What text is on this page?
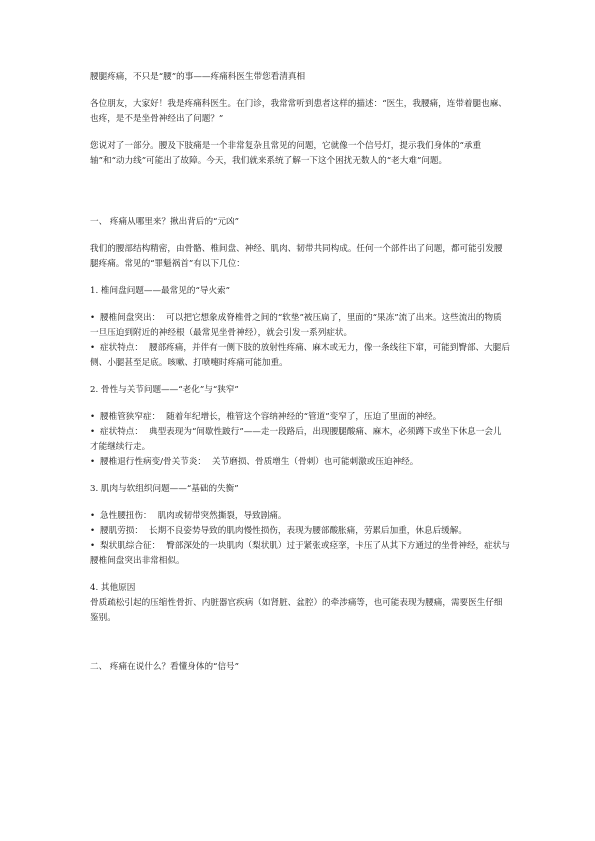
腰腿疼痛，不只是“腰”的事——疼痛科医生带您看清真相

各位朋友，大家好！我是疼痛科医生。在门诊，我常常听到患者这样的描述：“医生，我腰痛，连带着腿也麻、也疼，是不是坐骨神经出了问题？”

您说对了一部分。腰及下肢痛是一个非常复杂且常见的问题，它就像一个信号灯，提示我们身体的“承重轴”和“动力线”可能出了故障。今天，我们就来系统了解一下这个困扰无数人的“老大难”问题。

一、 疼痛从哪里来？揪出背后的“元凶”

我们的腰部结构精密，由骨骼、椎间盘、神经、肌肉、韧带共同构成。任何一个部件出了问题，都可能引发腰腿疼痛。常见的“罪魁祸首”有以下几位：

1. 椎间盘问题——最常见的“导火索”

• 腰椎间盘突出： 可以把它想象成脊椎骨之间的“软垫”被压扁了，里面的“果冻”流了出来。这些流出的物质一旦压迫到附近的神经根（最常见坐骨神经），就会引发一系列症状。

• 症状特点： 腰部疼痛，并伴有一侧下肢的放射性疼痛、麻木或无力，像一条线往下窜，可能到臀部、大腿后侧、小腿甚至足底。咳嗽、打喷嚏时疼痛可能加重。

2. 骨性与关节问题——“老化”与“狭窄”

• 腰椎管狭窄症： 随着年纪增长，椎管这个容纳神经的“管道”变窄了，压迫了里面的神经。

• 症状特点： 典型表现为“间歇性跛行”——走一段路后，出现腰腿酸痛、麻木，必须蹲下或坐下休息一会儿才能继续行走。

• 腰椎退行性病变/骨关节炎： 关节磨损、骨质增生（骨刺）也可能刺激或压迫神经。

3. 肌肉与软组织问题——“基础的失衡”

• 急性腰扭伤： 肌肉或韧带突然撕裂，导致剧痛。

• 腰肌劳损： 长期不良姿势导致的肌肉慢性损伤，表现为腰部酸胀痛，劳累后加重，休息后缓解。

• 梨状肌综合征： 臀部深处的一块肌肉（梨状肌）过于紧张或痉挛，卡压了从其下方通过的坐骨神经，症状与腰椎间盘突出非常相似。

4. 其他原因

骨质疏松引起的压缩性骨折、内脏器官疾病（如肾脏、盆腔）的牵涉痛等，也可能表现为腰痛，需要医生仔细鉴别。

二、 疼痛在说什么？看懂身体的“信号”
